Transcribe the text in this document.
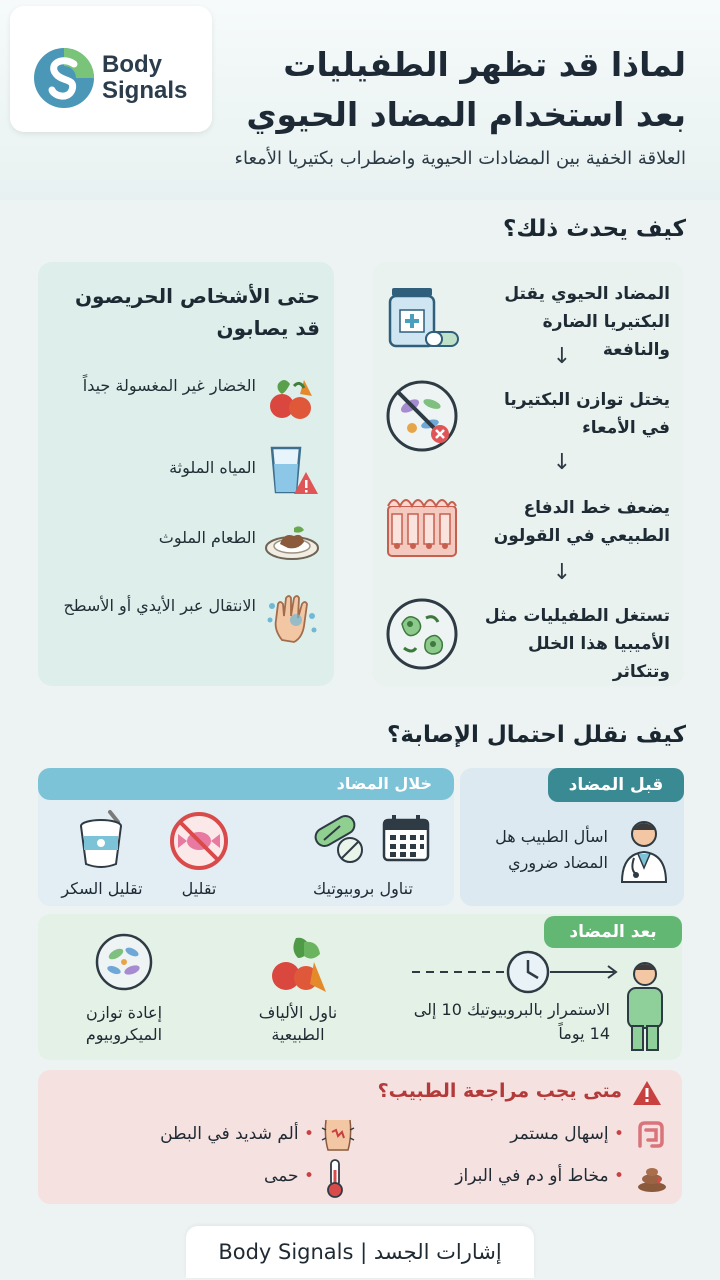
Body
Signals
لماذا قد تظهر الطفيليات
بعد استخدام المضاد الحيوي
العلاقة الخفية بين المضادات الحيوية واضطراب بكتيريا الأمعاء
كيف يحدث ذلك؟
المضاد الحيوي يقتل البكتيريا الضارة والنافعة
↓
يختل توازن البكتيريا في الأمعاء
↓
يضعف خط الدفاع الطبيعي في القولون
↓
تستغل الطفيليات مثل الأميبيا هذا الخلل وتتكاثر
حتى الأشخاص الحريصون قد يصابون
الخضار غير المغسولة جيداً
المياه الملوثة
الطعام الملوث
الانتقال عبر الأيدي أو الأسطح
كيف نقلل احتمال الإصابة؟
قبل المضاد
اسأل الطبيب هل المضاد ضروري
خلال المضاد
تناول بروبيوتيك
تقليل
تقليل السكر
بعد المضاد
الاستمرار بالبروبيوتيك 10 إلى 14 يوماً
ناول الألياف الطبيعية
إعادة توازن الميكروبيوم
متى يجب مراجعة الطبيب؟
• إسهال مستمر
• ألم شديد في البطن
• مخاط أو دم في البراز
• حمى
إشارات الجسد | Body Signals
